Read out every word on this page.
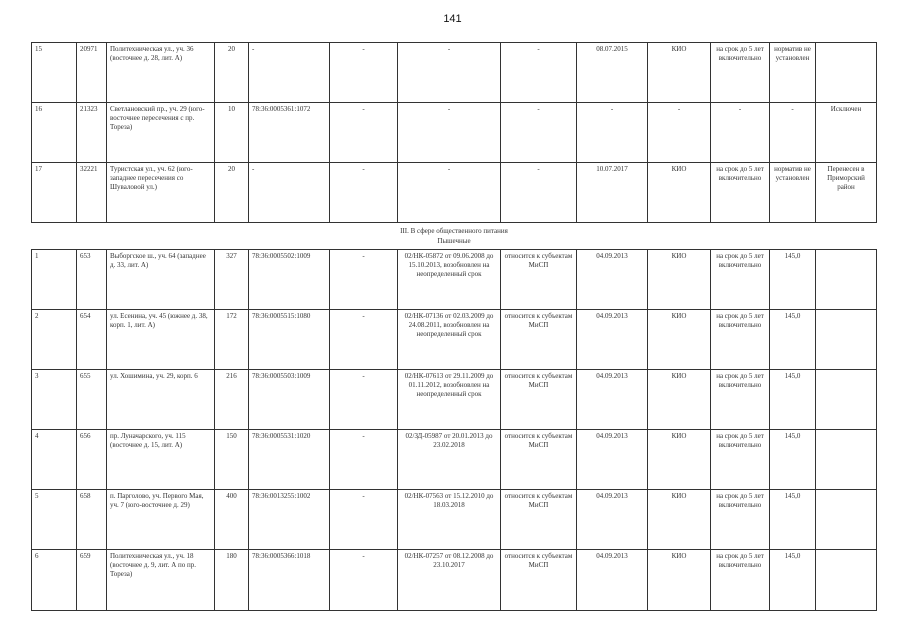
141
15	20971	Политехническая ул., уч. 36 (восточнее д. 28, лит. А)	20	-	-	-	-	08.07.2015	КИО	на срок до 5 лет включительно	норматив не установлен	
16	21323	Светлановский пр., уч. 29 (юго-восточнее пересечения с пр. Тореза)	10	78:36:0005361:1072	-	-	-	-	-	-	-	Исключен
17	32221	Туристская ул., уч. 62 (юго-западнее пересечения со Шуваловой ул.)	20	-	-	-	-	10.07.2017	КИО	на срок до 5 лет включительно	норматив не установлен	Перенесен в Приморский район

III. В сфере общественного питания
Пышечные												

1	653	Выборгское ш., уч. 64 (западнее д. 33, лит. А)	327	78:36:0005502:1009	-	02/НК-05872 от 09.06.2008 до 15.10.2013, возобновлен на неопределенный срок	относится к субъектам МиСП	04.09.2013	КИО	на срок до 5 лет включительно	145,0	
2	654	ул. Есенина, уч. 45 (южнее д. 38, корп. 1, лит. А)	172	78:36:0005515:1080	-	02/НК-07136 от 02.03.2009 до 24.08.2011, возобновлен на неопределенный срок	относится к субъектам МиСП	04.09.2013	КИО	на срок до 5 лет включительно	145,0	
3	655	ул. Хошимина, уч. 29, корп. 6	216	78:36:0005503:1009	-	02/НК-07613 от 29.11.2009 до 01.11.2012, возобновлен на неопределенный срок	относится к субъектам МиСП	04.09.2013	КИО	на срок до 5 лет включительно	145,0	
4	656	пр. Луначарского, уч. 115 (восточнее д. 15, лит. А)	150	78:36:0005531:1020	-	02/ЗД-05987 от 20.01.2013 до 23.02.2018	относится к субъектам МиСП	04.09.2013	КИО	на срок до 5 лет включительно	145,0	
5	658	п. Парголово, уч. Первого Мая, уч. 7 (юго-восточнее д. 29)	400	78:36:0013255:1002	-	02/НК-07563 от 15.12.2010 до 18.03.2018	относится к субъектам МиСП	04.09.2013	КИО	на срок до 5 лет включительно	145,0	
6	659	Политехническая ул., уч. 18 (восточнее д. 9, лит. А по пр. Тореза)	180	78:36:0005366:1018	-	02/НК-07257 от 08.12.2008 до 23.10.2017	относится к субъектам МиСП	04.09.2013	КИО	на срок до 5 лет включительно	145,0	
